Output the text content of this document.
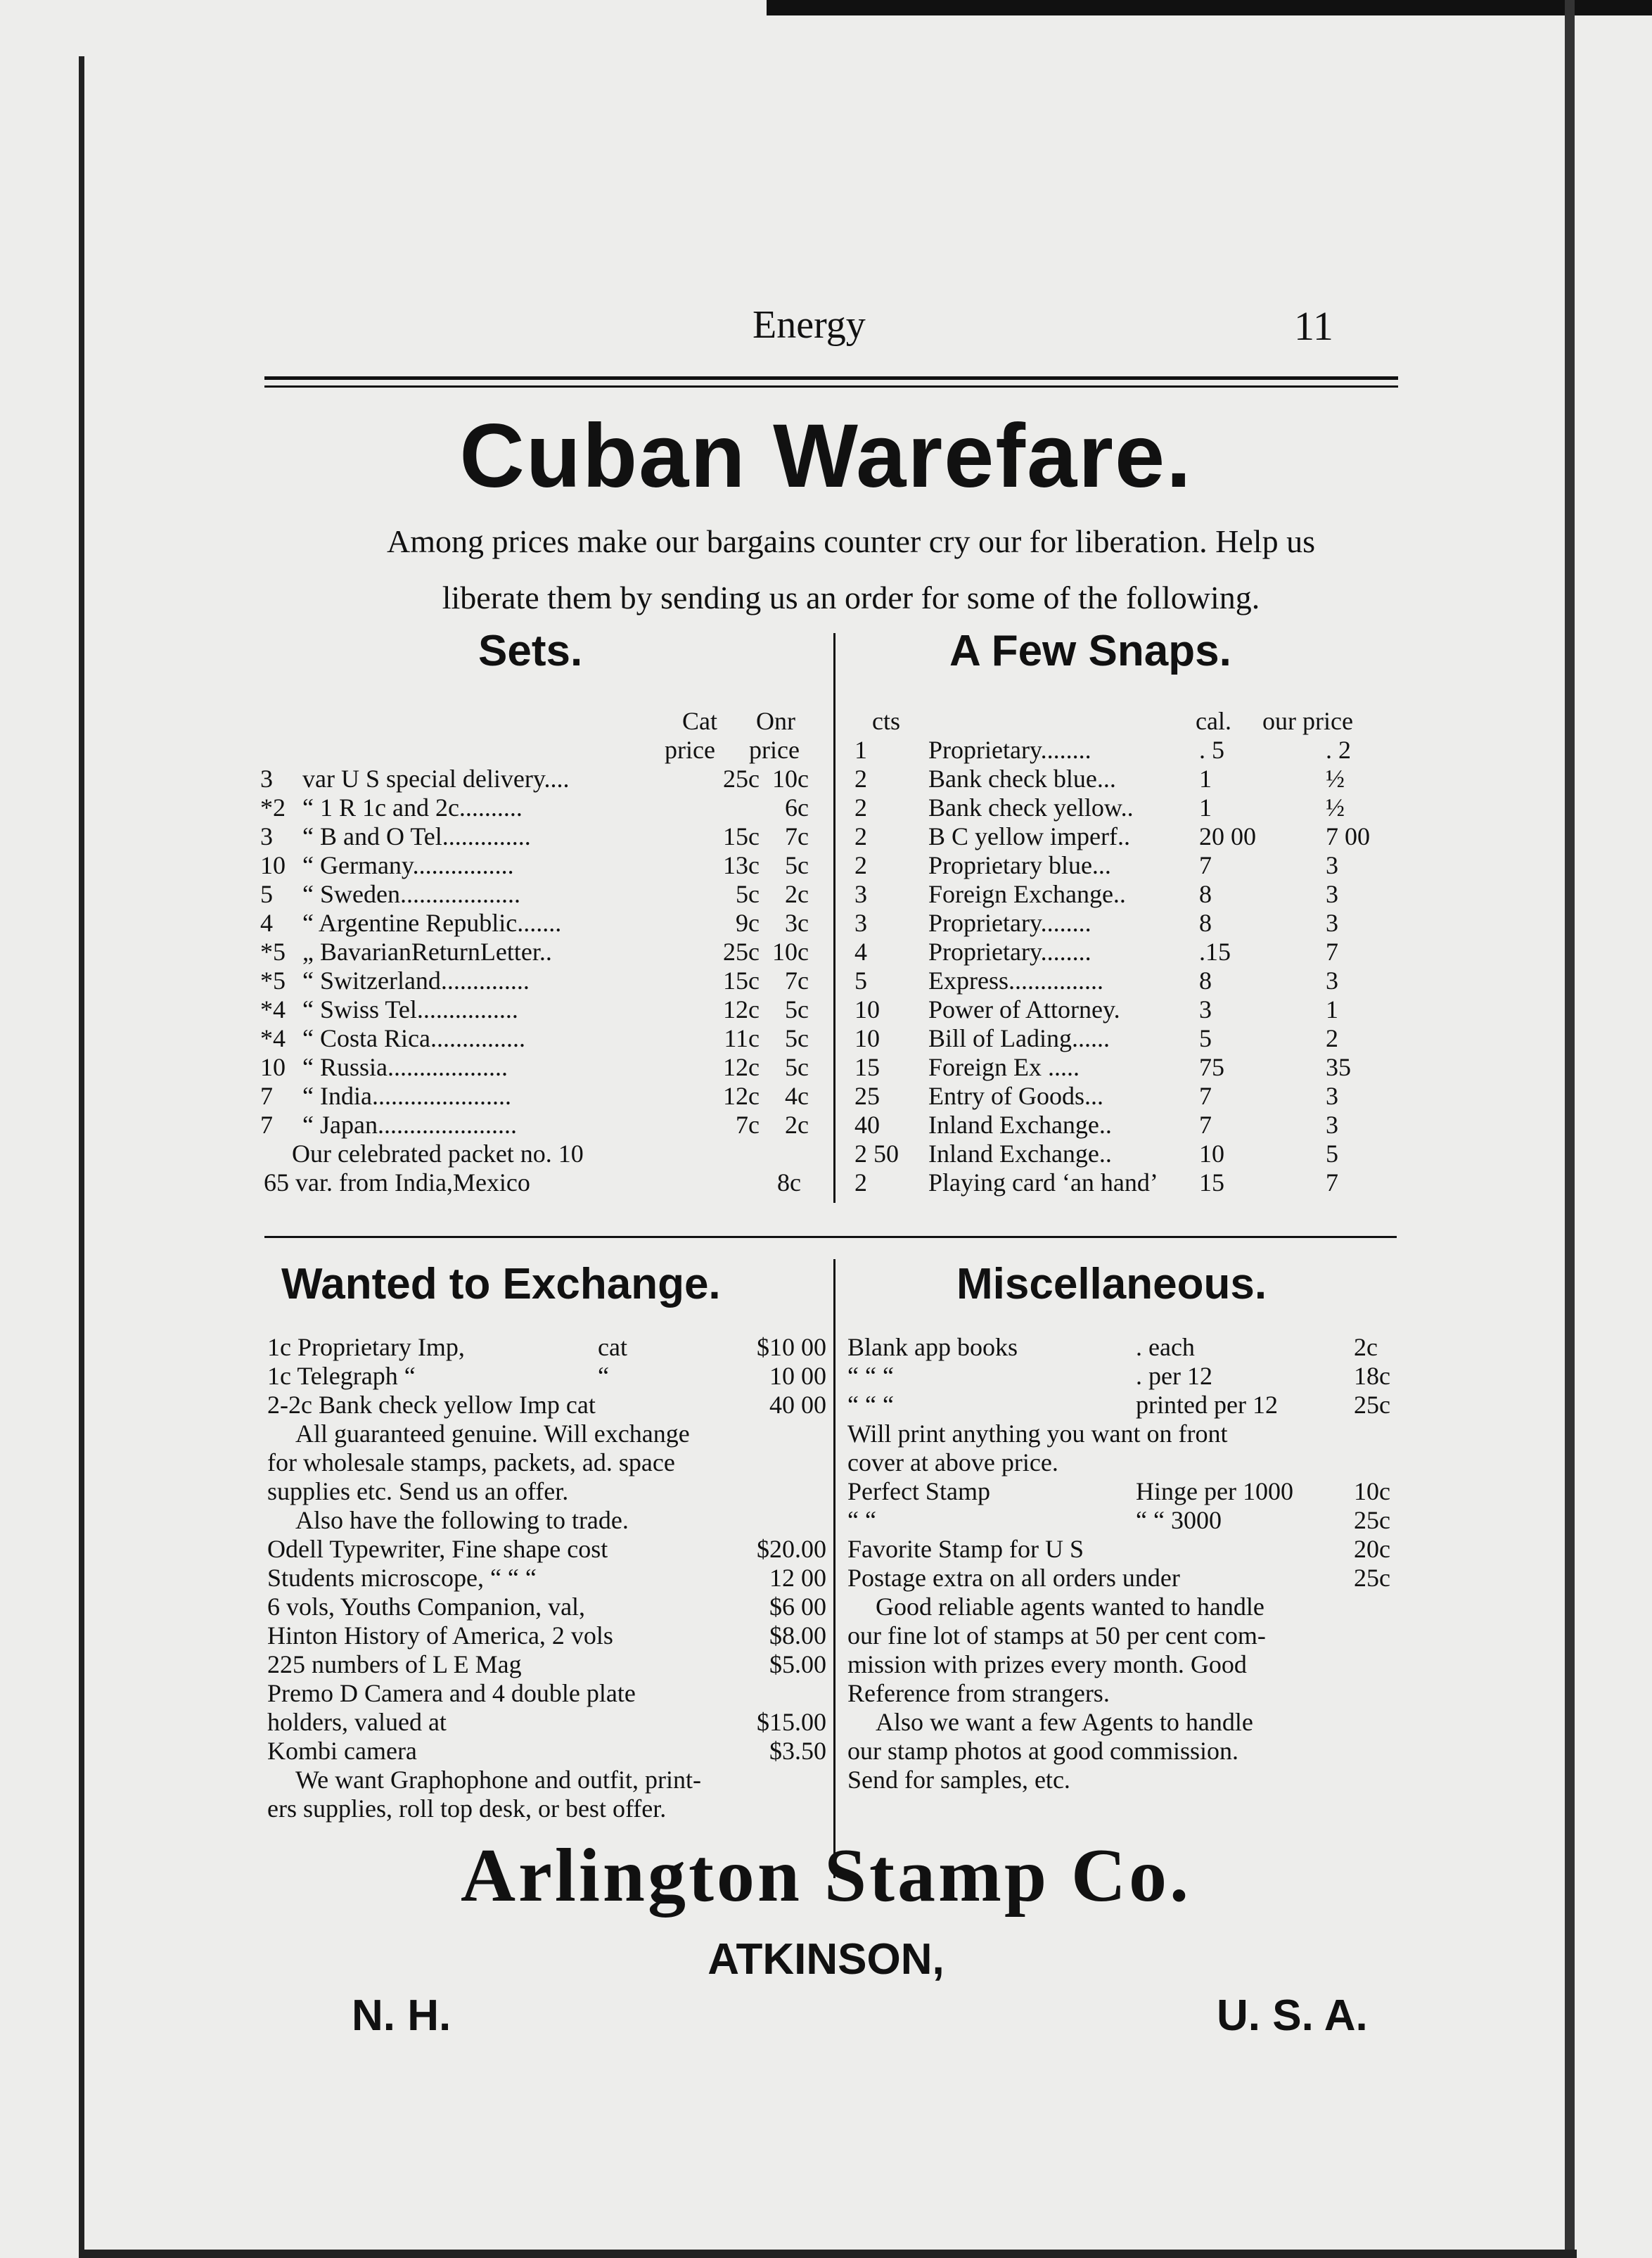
Energy	11
Cuban Warefare.
Among prices make our bargains counter cry our for liberation. Help us
liberate them by sending us an order for some of the following.
Sets.	A Few Snaps.
Cat Onr
price price
3 var U S special delivery....	25c 10c
*2 “ 1 R 1c and 2c..........	6c
3 “ B and O Tel..............	15c 7c
10 “ Germany................	13c 5c
5 “ Sweden...................	5c 2c
4 “ Argentine Republic.......	9c 3c
*5 „ BavarianReturnLetter..	25c 10c
*5 “ Switzerland..............	15c 7c
*4 “ Swiss Tel................	12c 5c
*4 “ Costa Rica...............	11c 5c
10 “ Russia...................	12c 5c
7 “ India......................	12c 4c
7 “ Japan......................	7c 2c
Our celebrated packet no. 10
65 var. from India,Mexico	8c
cts	cal. our price
1 Proprietary........	. 5	. 2
2 Bank check blue...	1	½
2 Bank check yellow..	1	½
2 B C yellow imperf..	20 00	7 00
2 Proprietary blue...	7	3
3 Foreign Exchange..	8	3
3 Proprietary........	8	3
4 Proprietary........	.15	7
5 Express...............	8	3
10 Power of Attorney.	3	1
10 Bill of Lading......	5	2
15 Foreign Ex .....	75	35
25 Entry of Goods...	7	3
40 Inland Exchange..	7	3
2 50 Inland Exchange..	10	5
2 Playing card ‘an hand’ 15	7
Wanted to Exchange.	Miscellaneous.
1c Proprietary Imp,	cat	$10 00
1c Telegraph “	“	10 00
2-2c Bank check yellow Imp cat	40 00
All guaranteed genuine. Will exchange
for wholesale stamps, packets, ad. space
supplies etc. Send us an offer.
Also have the following to trade.
Odell Typewriter, Fine shape cost	$20.00
Students microscope, “ “ “	12 00
6 vols, Youths Companion, val,	$6 00
Hinton History of America, 2 vols	$8.00
225 numbers of L E Mag	$5.00
Premo D Camera and 4 double plate
holders, valued at	$15.00
Kombi camera	$3.50
We want Graphophone and outfit, print-
ers supplies, roll top desk, or best offer.
Blank app books	. each	2c
“ “ “	. per 12	18c
“ “ “	printed per 12	25c
Will print anything you want on front
cover at above price.
Perfect Stamp	Hinge per 1000 10c
“ “	“ “ 3000	25c
Favorite Stamp for U S	20c
Postage extra on all orders under	25c
Good reliable agents wanted to handle
our fine lot of stamps at 50 per cent com-
mission with prizes every month. Good
Reference from strangers.
Also we want a few Agents to handle
our stamp photos at good commission.
Send for samples, etc.
Arlington Stamp Co.
ATKINSON,
N. H.	U. S. A.
